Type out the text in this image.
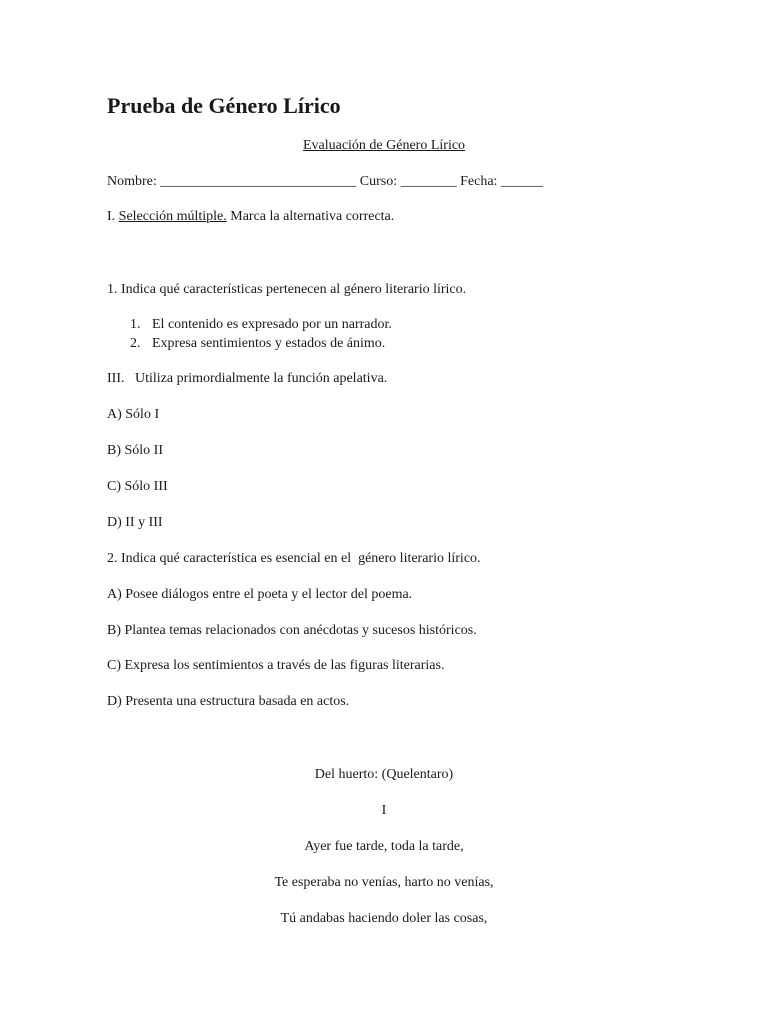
Prueba de Género Lírico
Evaluación de Género Lírico
Nombre: ____________________________ Curso: ________ Fecha: ______
I. Selección múltiple. Marca la alternativa correcta.
1. Indica qué características pertenecen al género literario lírico.
1. El contenido es expresado por un narrador.
2. Expresa sentimientos y estados de ánimo.
III.   Utiliza primordialmente la función apelativa.
A) Sólo I
B) Sólo II
C) Sólo III
D) II y III
2. Indica qué característica es esencial en el  género literario lírico.
A) Posee diálogos entre el poeta y el lector del poema.
B) Plantea temas relacionados con anécdotas y sucesos históricos.
C) Expresa los sentimientos a través de las figuras literarias.
D) Presenta una estructura basada en actos.
Del huerto: (Quelentaro)
I
Ayer fue tarde, toda la tarde,
Te esperaba no venías, harto no venías,
Tú andabas haciendo doler las cosas,
